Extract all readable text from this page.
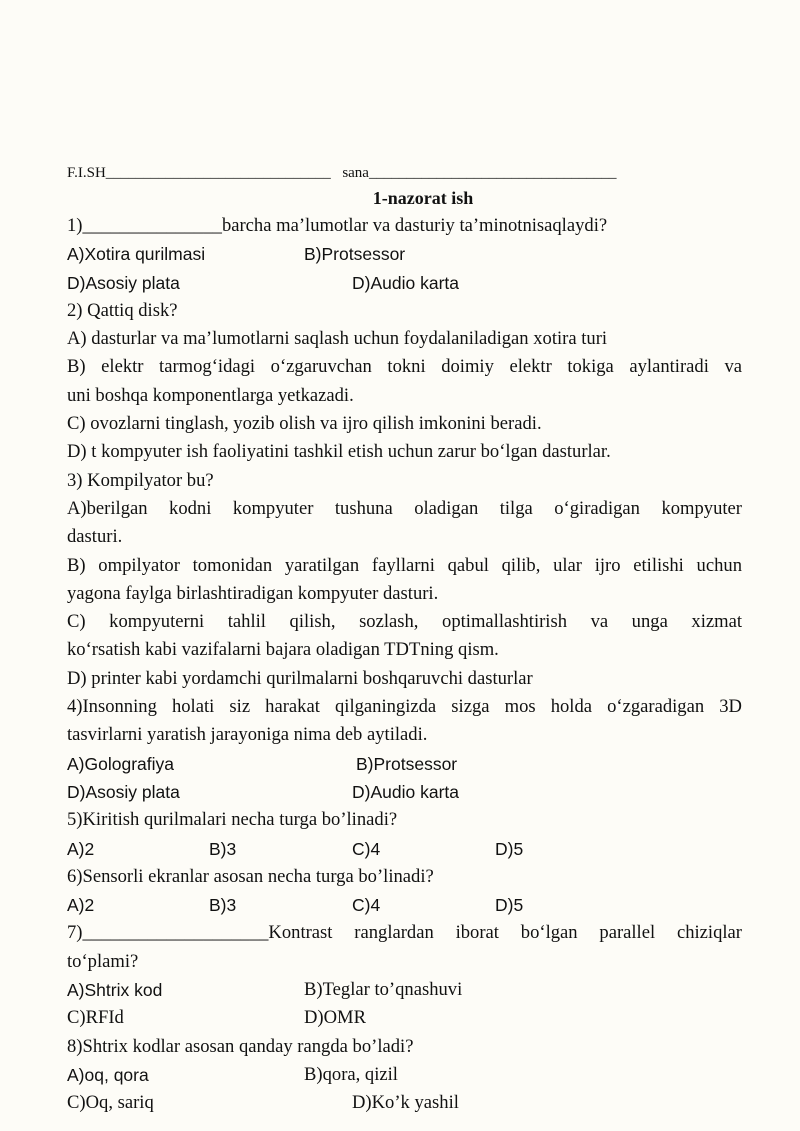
F.I.SH______________________________ sana_________________________________
1-nazorat ish
1)_______________barcha ma’lumotlar va dasturiy ta’minotnisaqlaydi?
A)Xotira qurilmasi	B)Protsessor
D)Asosiy plata	D)Audio karta
2) Qattiq disk?
A) dasturlar va ma’lumotlarni saqlash uchun foydalaniladigan xotira turi
B) elektr tarmog‘idagi o‘zgaruvchan tokni doimiy elektr tokiga aylantiradi va
uni boshqa komponentlarga yetkazadi.
C) ovozlarni tinglash, yozib olish va ijro qilish imkonini beradi.
D) t kompyuter ish faoliyatini tashkil etish uchun zarur bo‘lgan dasturlar.
3) Kompilyator bu?
A)berilgan kodni kompyuter tushuna oladigan tilga o‘giradigan kompyuter
dasturi.
B) ompilyator tomonidan yaratilgan fayllarni qabul qilib, ular ijro etilishi uchun
yagona faylga birlashtiradigan kompyuter dasturi.
C) kompyuterni tahlil qilish, sozlash, optimallashtirish va unga xizmat
ko‘rsatish kabi vazifalarni bajara oladigan TDTning qism.
D) printer kabi yordamchi qurilmalarni boshqaruvchi dasturlar
4)Insonning holati siz harakat qilganingizda sizga mos holda o‘zgaradigan 3D
tasvirlarni yaratish jarayoniga nima deb aytiladi.
A)Golografiya	B)Protsessor
D)Asosiy plata	D)Audio karta
5)Kiritish qurilmalari necha turga bo’linadi?
A)2	B)3	C)4	D)5
6)Sensorli ekranlar asosan necha turga bo’linadi?
A)2	B)3	C)4	D)5
7)____________________Kontrast ranglardan iborat bo‘lgan parallel chiziqlar
to‘plami?
A)Shtrix kod	B)Teglar to’qnashuvi
C)RFId	D)OMR
8)Shtrix kodlar asosan qanday rangda bo’ladi?
A)oq, qora	B)qora, qizil
C)Oq, sariq	D)Ko’k yashil
